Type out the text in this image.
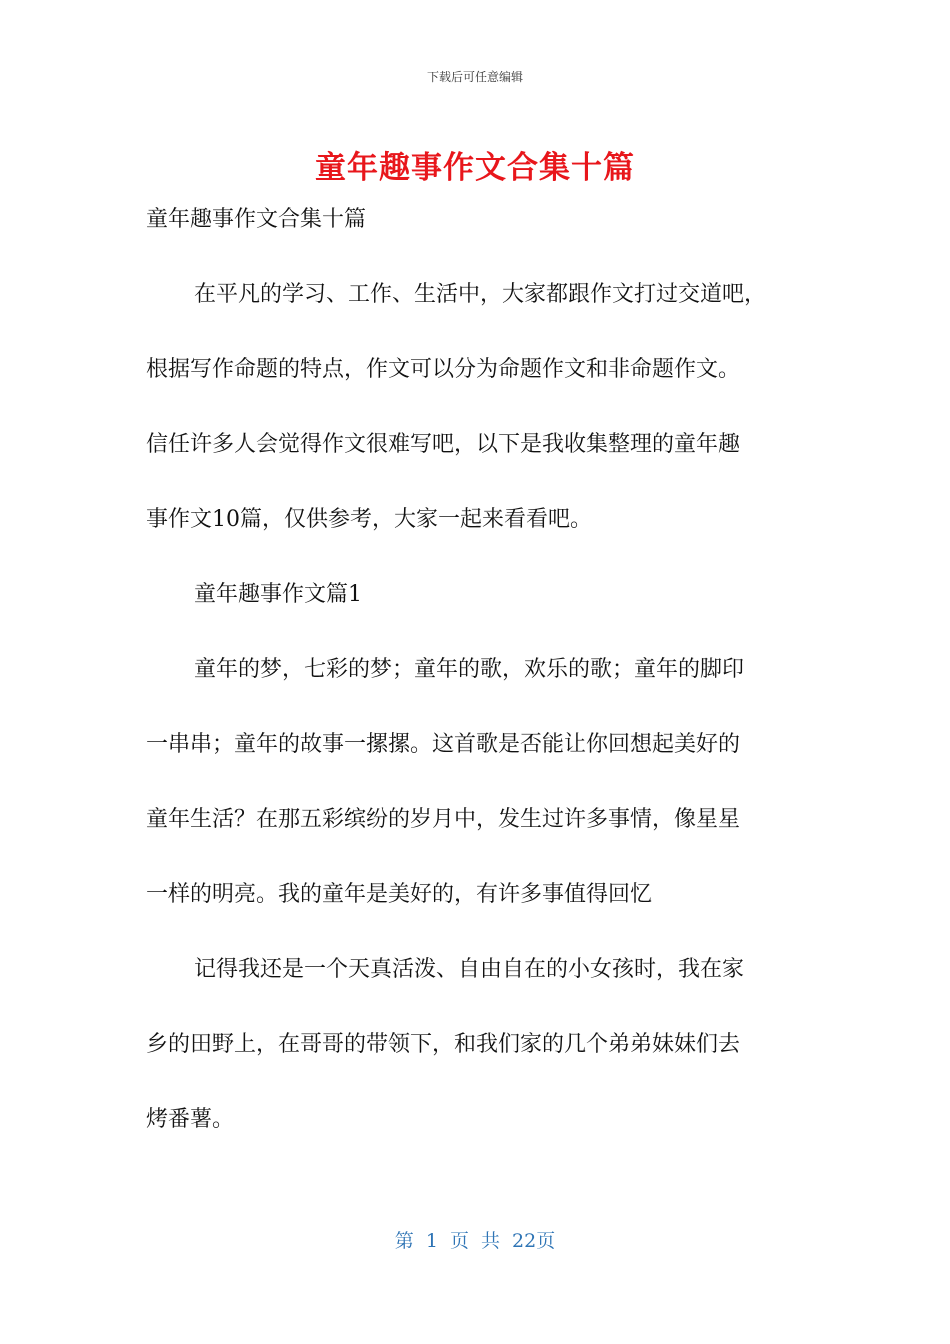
下载后可任意编辑
童年趣事作文合集十篇
童年趣事作文合集十篇
在平凡的学习、工作、生活中，大家都跟作文打过交道吧，
根据写作命题的特点，作文可以分为命题作文和非命题作文。
信任许多人会觉得作文很难写吧，以下是我收集整理的童年趣
事作文10篇，仅供参考，大家一起来看看吧。
童年趣事作文篇1
童年的梦，七彩的梦；童年的歌，欢乐的歌；童年的脚印
一串串；童年的故事一摞摞。这首歌是否能让你回想起美好的
童年生活？在那五彩缤纷的岁月中，发生过许多事情，像星星
一样的明亮。我的童年是美好的，有许多事值得回忆
记得我还是一个天真活泼、自由自在的小女孩时，我在家
乡的田野上，在哥哥的带领下，和我们家的几个弟弟妹妹们去
烤番薯。
第 1 页 共 22页
